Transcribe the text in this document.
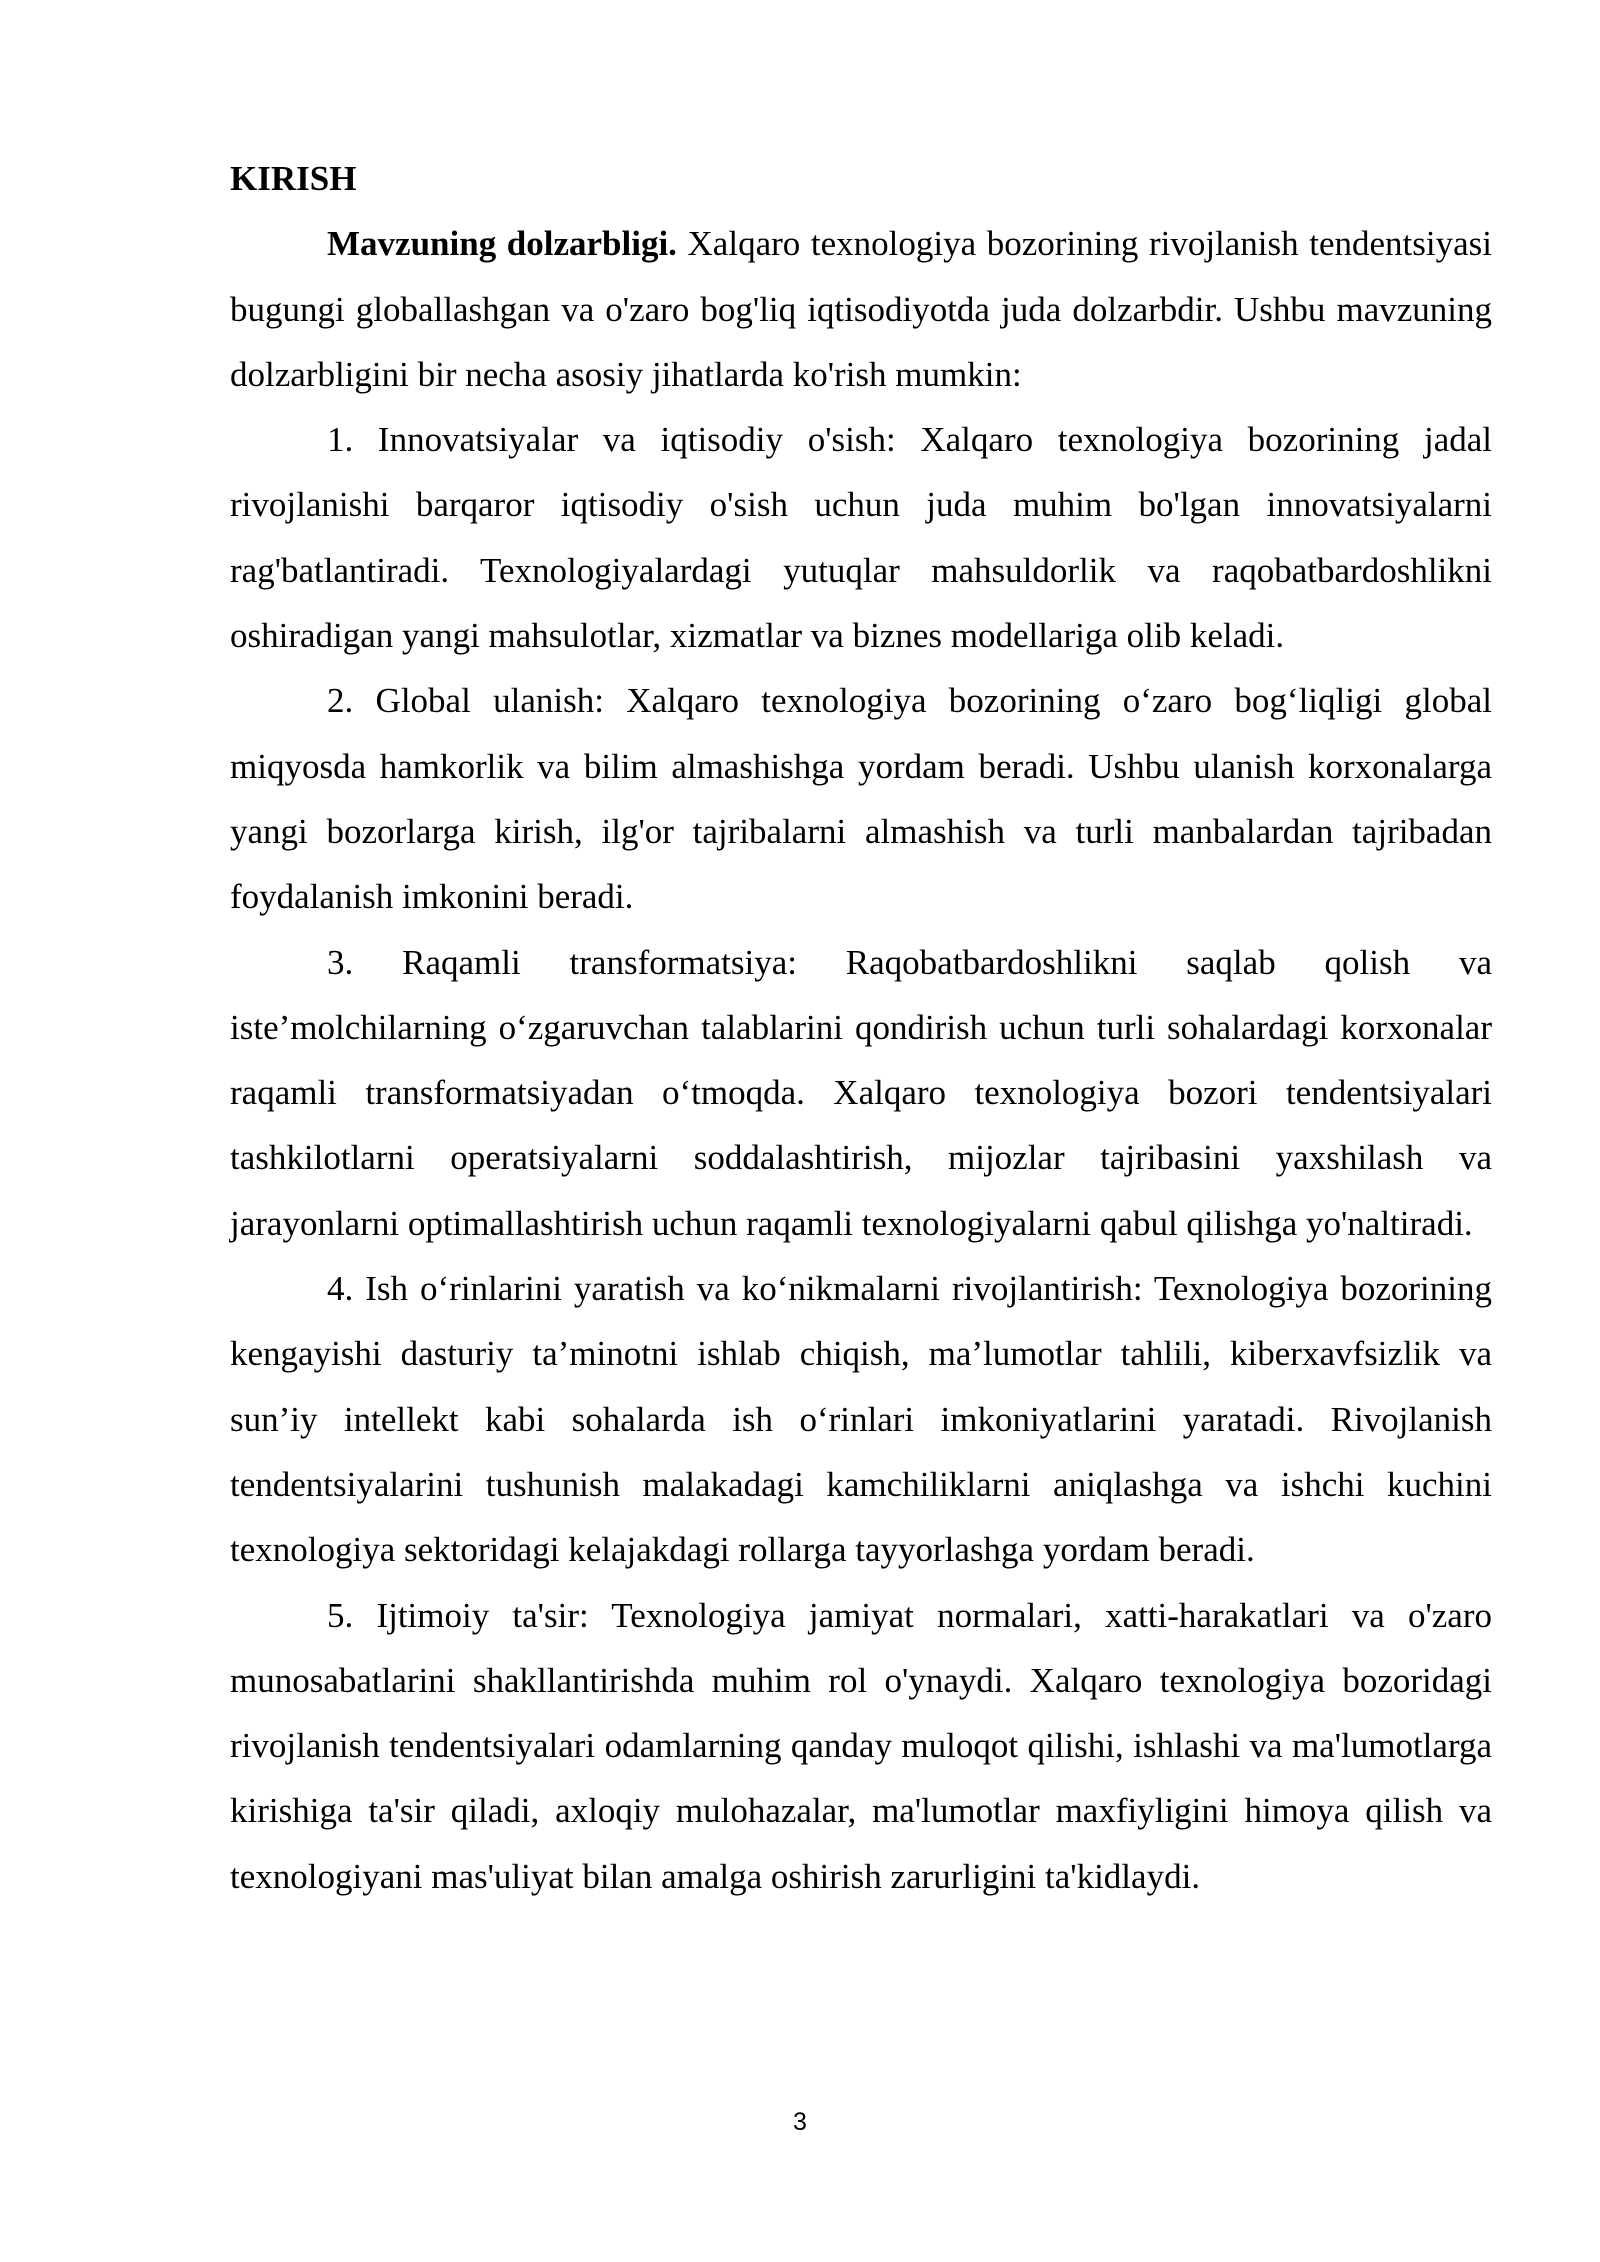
KIRISH

Mavzuning dolzarbligi. Xalqaro texnologiya bozorining rivojlanish tendentsiyasi bugungi globallashgan va o'zaro bog'liq iqtisodiyotda juda dolzarbdir. Ushbu mavzuning dolzarbligini bir necha asosiy jihatlarda ko'rish mumkin:

1. Innovatsiyalar va iqtisodiy o'sish: Xalqaro texnologiya bozorining jadal rivojlanishi barqaror iqtisodiy o'sish uchun juda muhim bo'lgan innovatsiyalarni rag'batlantiradi. Texnologiyalardagi yutuqlar mahsuldorlik va raqobatbardoshlikni oshiradigan yangi mahsulotlar, xizmatlar va biznes modellariga olib keladi.

2. Global ulanish: Xalqaro texnologiya bozorining o‘zaro bog‘liqligi global miqyosda hamkorlik va bilim almashishga yordam beradi. Ushbu ulanish korxonalarga yangi bozorlarga kirish, ilg'or tajribalarni almashish va turli manbalardan tajribadan foydalanish imkonini beradi.

3. Raqamli transformatsiya: Raqobatbardoshlikni saqlab qolish va iste’molchilarning o‘zgaruvchan talablarini qondirish uchun turli sohalardagi korxonalar raqamli transformatsiyadan o‘tmoqda. Xalqaro texnologiya bozori tendentsiyalari tashkilotlarni operatsiyalarni soddalashtirish, mijozlar tajribasini yaxshilash va jarayonlarni optimallashtirish uchun raqamli texnologiyalarni qabul qilishga yo'naltiradi.

4. Ish o‘rinlarini yaratish va ko‘nikmalarni rivojlantirish: Texnologiya bozorining kengayishi dasturiy ta’minotni ishlab chiqish, ma’lumotlar tahlili, kiberxavfsizlik va sun’iy intellekt kabi sohalarda ish o‘rinlari imkoniyatlarini yaratadi. Rivojlanish tendentsiyalarini tushunish malakadagi kamchiliklarni aniqlashga va ishchi kuchini texnologiya sektoridagi kelajakdagi rollarga tayyorlashga yordam beradi.

5. Ijtimoiy ta'sir: Texnologiya jamiyat normalari, xatti-harakatlari va o'zaro munosabatlarini shakllantirishda muhim rol o'ynaydi. Xalqaro texnologiya bozoridagi rivojlanish tendentsiyalari odamlarning qanday muloqot qilishi, ishlashi va ma'lumotlarga kirishiga ta'sir qiladi, axloqiy mulohazalar, ma'lumotlar maxfiyligini himoya qilish va texnologiyani mas'uliyat bilan amalga oshirish zarurligini ta'kidlaydi.

3
